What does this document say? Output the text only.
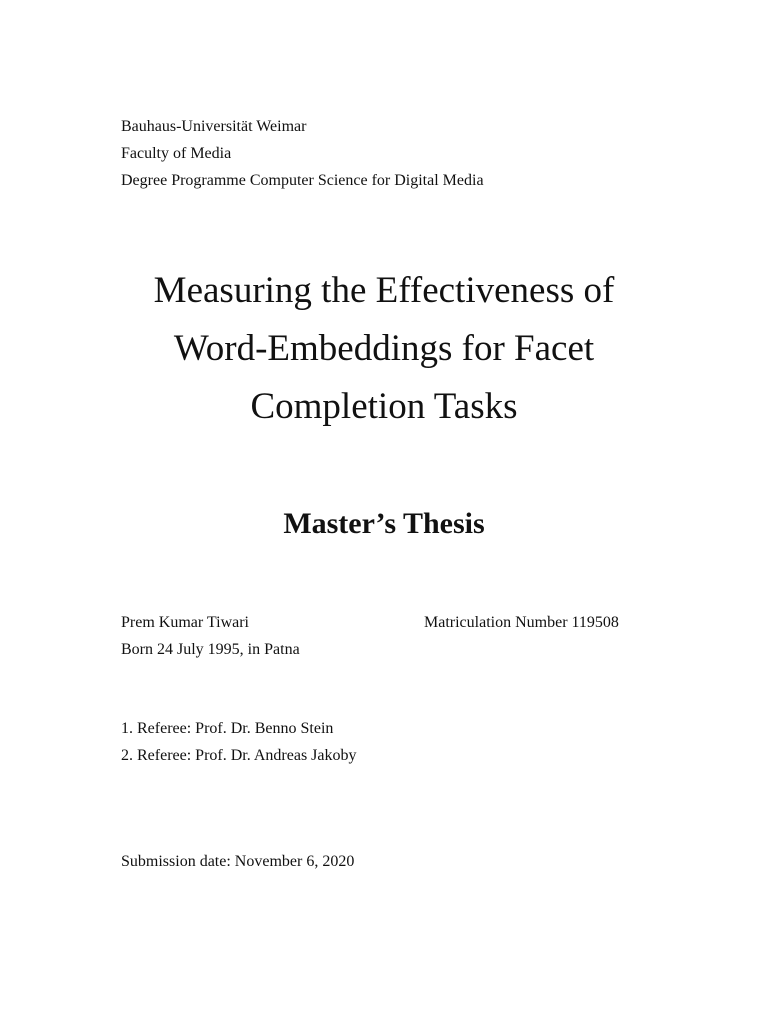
Bauhaus-Universität Weimar
Faculty of Media
Degree Programme Computer Science for Digital Media
Measuring the Effectiveness of
Word-Embeddings for Facet
Completion Tasks
Master’s Thesis
Prem Kumar Tiwari
Born 24 July 1995, in Patna
Matriculation Number 119508
1. Referee: Prof. Dr. Benno Stein
2. Referee: Prof. Dr. Andreas Jakoby
Submission date: November 6, 2020
